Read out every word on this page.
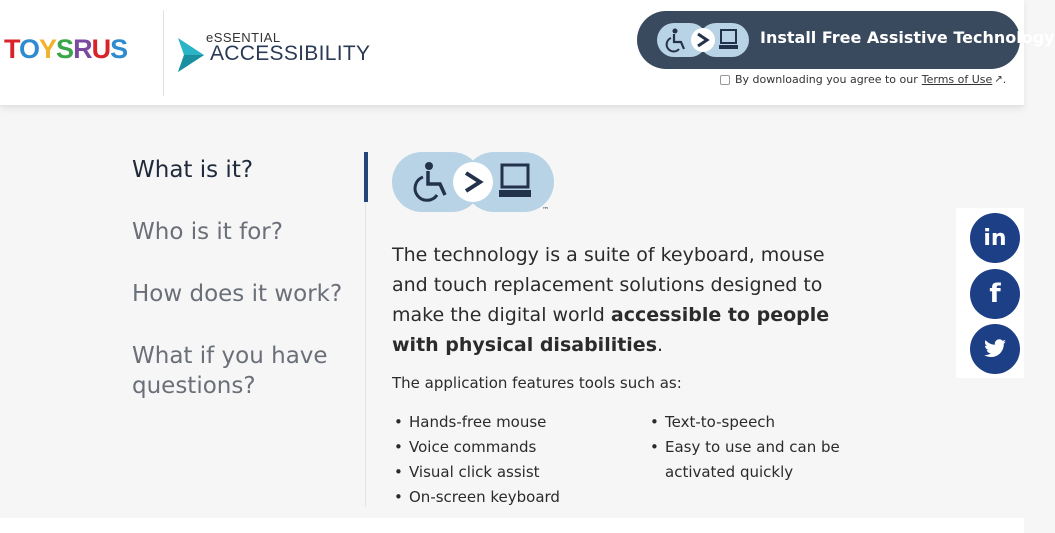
TOYSRUS	eSSENTIAL
ACCESSIBILITY
Install Free Assistive Technology
By downloading you agree to our Terms of Use ↗ .
What is it?
Who is it for?
How does it work?
What if you have questions?
™
The technology is a suite of keyboard, mouse and touch replacement solutions designed to make the digital world accessible to people with physical disabilities.
The application features tools such as:
• Hands-free mouse
• Voice commands
• Visual click assist
• On-screen keyboard
• Text-to-speech
• Easy to use and can be activated quickly
in
f
